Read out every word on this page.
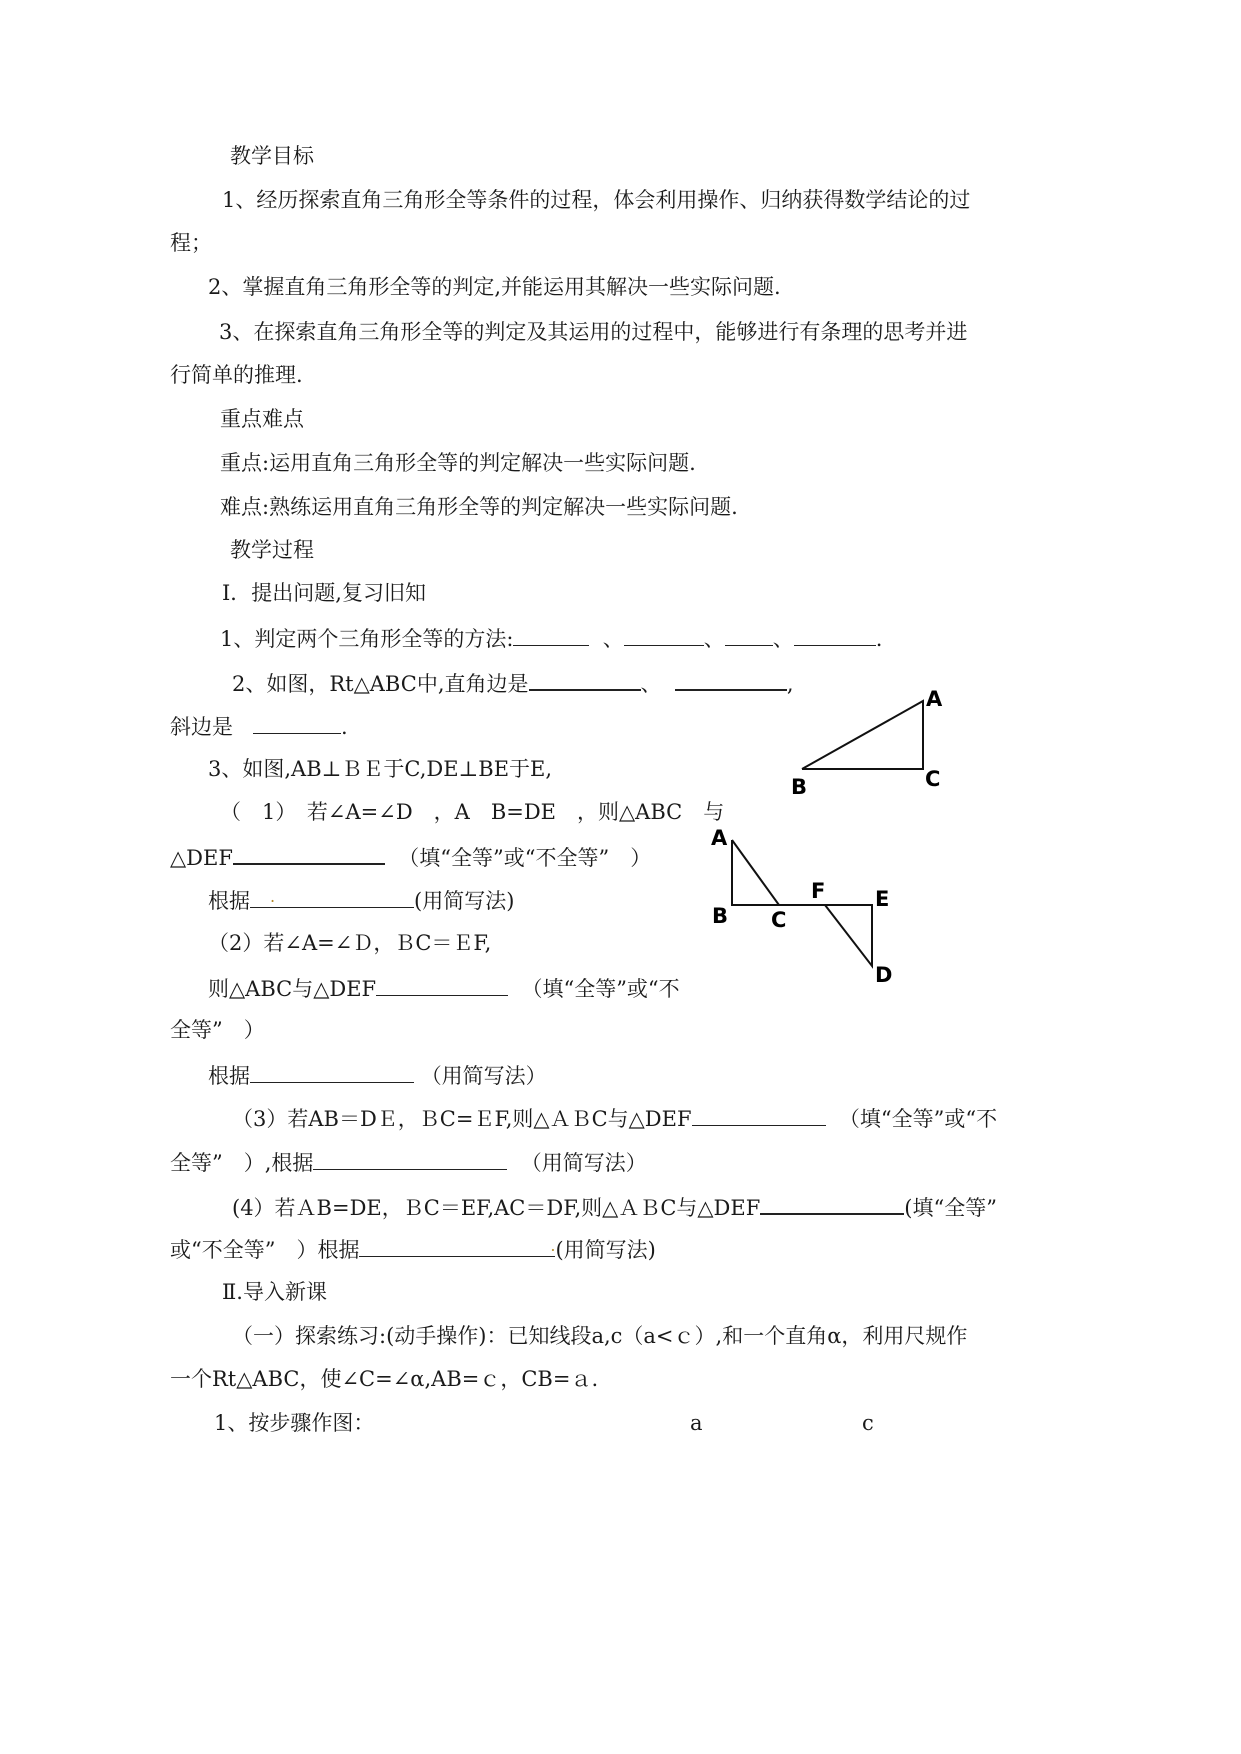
教学目标
1、经历探索直角三角形全等条件的过程，体会利用操作、归纳获得数学结论的过
程；
2、掌握直角三角形全等的判定,并能运用其解决一些实际问题.
3、在探索直角三角形全等的判定及其运用的过程中，能够进行有条理的思考并进
行简单的推理.
重点难点
重点:运用直角三角形全等的判定解决一些实际问题.
难点:熟练运用直角三角形全等的判定解决一些实际问题.
教学过程
Ⅰ．提出问题,复习旧知
1、判定两个三角形全等的方法:	、	、 、	.
2、如图，Rt△ABC中,直角边是	、	,
斜边是	.
A
B	C
3、如图,AB⊥ＢＥ于C,DE⊥BE于E,
（　1）　若∠A=∠D　，A　B=DE　，则△ABC　与
△DEF	（填“全等”或“不全等”　）
根据 .	(用简写法)
A
B C
F E
D
（2）若∠A=∠Ｄ，ＢC＝ＥF,
则△ABC与△DEF	（填“全等”或“不
全等”　）
根据	（用简写法）
（3）若AB＝DＥ，ＢC=ＥF,则△ＡＢC与△DEF	（填“全等”或“不
全等”　）,根据	（用简写法）
(4）若ＡB=DE，ＢC＝EF,AC＝DF,则△ＡＢC与△DEF	(填“全等”
或“不全等”　）根据	. (用简写法)
Ⅱ.导入新课
（一）探索练习:(动手操作)：已知线段a,c（a<ｃ）,和一个直角α，利用尺规作
一个Rt△ABC，使∠C=∠α,AB=ｃ，CB=ａ.
1、按步骤作图：	a	c
